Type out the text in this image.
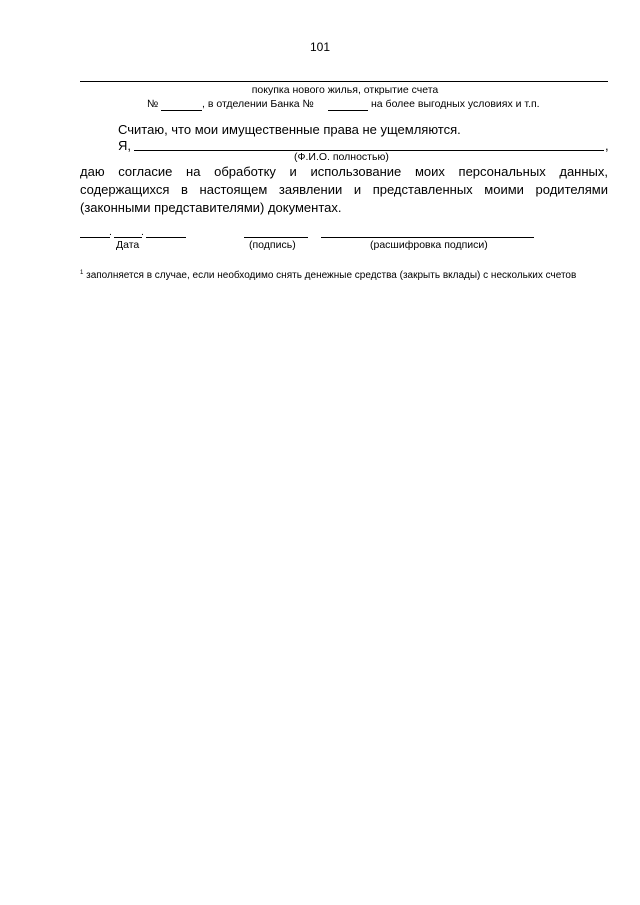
101
покупка нового жилья, открытие счета
№	, в отделении Банка №	на более выгодных условиях и т.п.
Считаю, что мои имущественные права не ущемляются.
Я,	,
(Ф.И.О. полностью)
даю согласие на обработку и использование моих персональных данных, содержащихся в настоящем заявлении и представленных моими родителями (законными представителями) документах.
.	.
Дата	(подпись)	(расшифровка подписи)
$^1$ заполняется в случае, если необходимо снять денежные средства (закрыть вклады) с нескольких счетов
